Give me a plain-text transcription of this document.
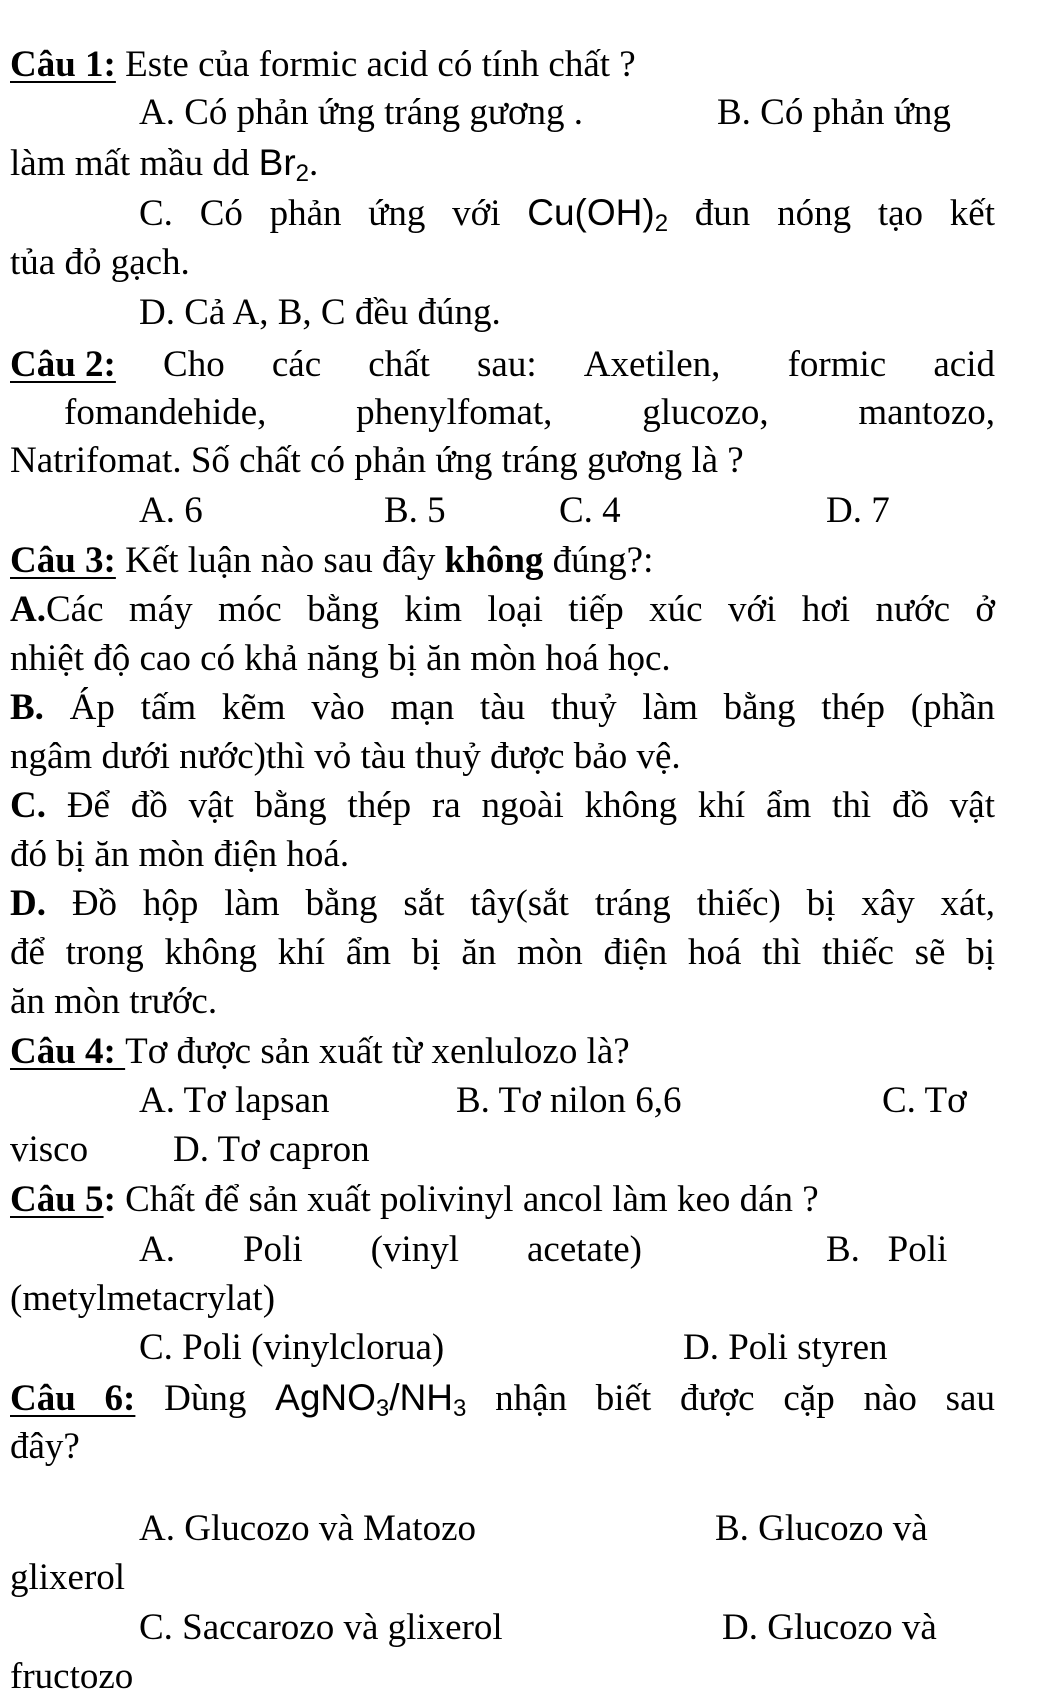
Câu 1: Este của formic acid có tính chất ?
A. Có phản ứng tráng gương .	B. Có phản ứng
làm mất mầu dd $Br_2$.
C. Có phản ứng với $Cu(OH)_2$ đun nóng tạo kết
tủa đỏ gạch.
D. Cả A, B, C đều đúng.
Câu 2: Cho các chất sau: Axetilen, formic acid
fomandehide, phenylfomat, glucozo, mantozo,
Natrifomat. Số chất có phản ứng tráng gương là ?
A. 6	B. 5	C. 4	D. 7
Câu 3: Kết luận nào sau đây không đúng?:
A.Các máy móc bằng kim loại tiếp xúc với hơi nước ở
nhiệt độ cao có khả năng bị ăn mòn hoá học.
B. Áp tấm kẽm vào mạn tàu thuỷ làm bằng thép (phần
ngâm dưới nước)thì vỏ tàu thuỷ được bảo vệ.
C. Để đồ vật bằng thép ra ngoài không khí ẩm thì đồ vật
đó bị ăn mòn điện hoá.
D. Đồ hộp làm bằng sắt tây(sắt tráng thiếc) bị xây xát,
để trong không khí ẩm bị ăn mòn điện hoá thì thiếc sẽ bị
ăn mòn trước.
Câu 4: Tơ được sản xuất từ xenlulozo là?
A. Tơ lapsan	B. Tơ nilon 6,6	C. Tơ
visco D. Tơ capron
Câu 5: Chất để sản xuất polivinyl ancol làm keo dán ?
A. Poli (vinyl acetate)	B.   Poli
(metylmetacrylat)
C. Poli (vinylclorua)	D. Poli styren
Câu 6: Dùng $AgNO_3/NH_3$ nhận biết được cặp nào sau
đây?
A. Glucozo và Matozo	B. Glucozo và
glixerol
C. Saccarozo và glixerol	D. Glucozo và
fructozo
